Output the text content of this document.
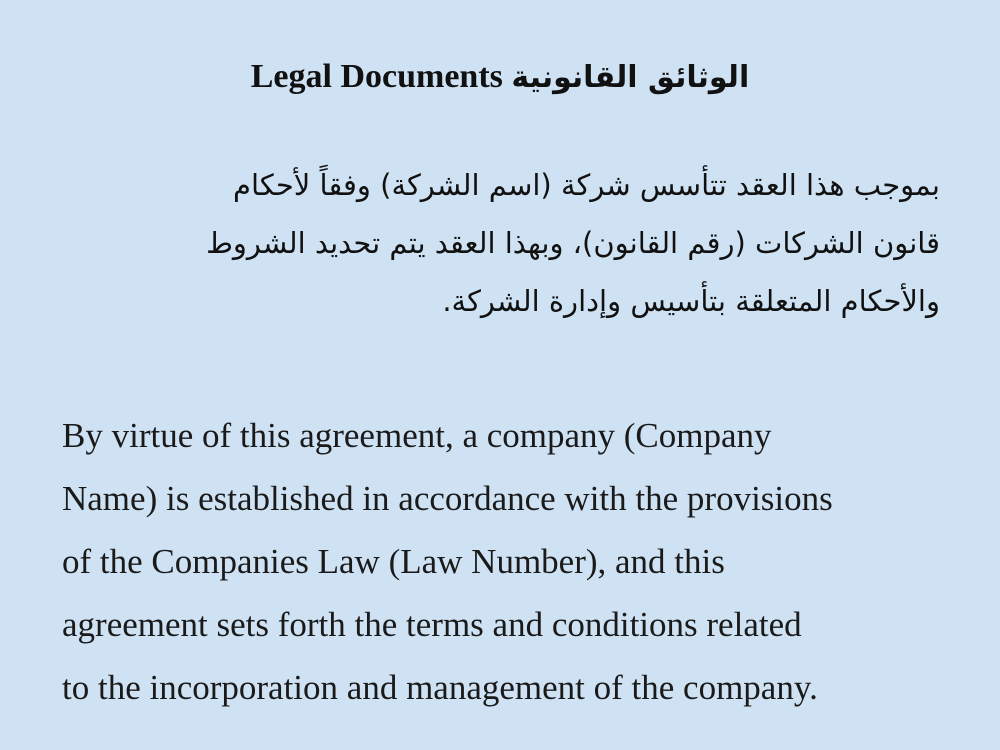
Legal Documents الوثائق القانونية
بموجب هذا العقد تتأسس شركة (اسم الشركة) وفقاً لأحكام
قانون الشركات (رقم القانون)، وبهذا العقد يتم تحديد الشروط
والأحكام المتعلقة بتأسيس وإدارة الشركة.
By virtue of this agreement, a company (Company
Name) is established in accordance with the provisions
of the Companies Law (Law Number), and this
agreement sets forth the terms and conditions related
to the incorporation and management of the company.
